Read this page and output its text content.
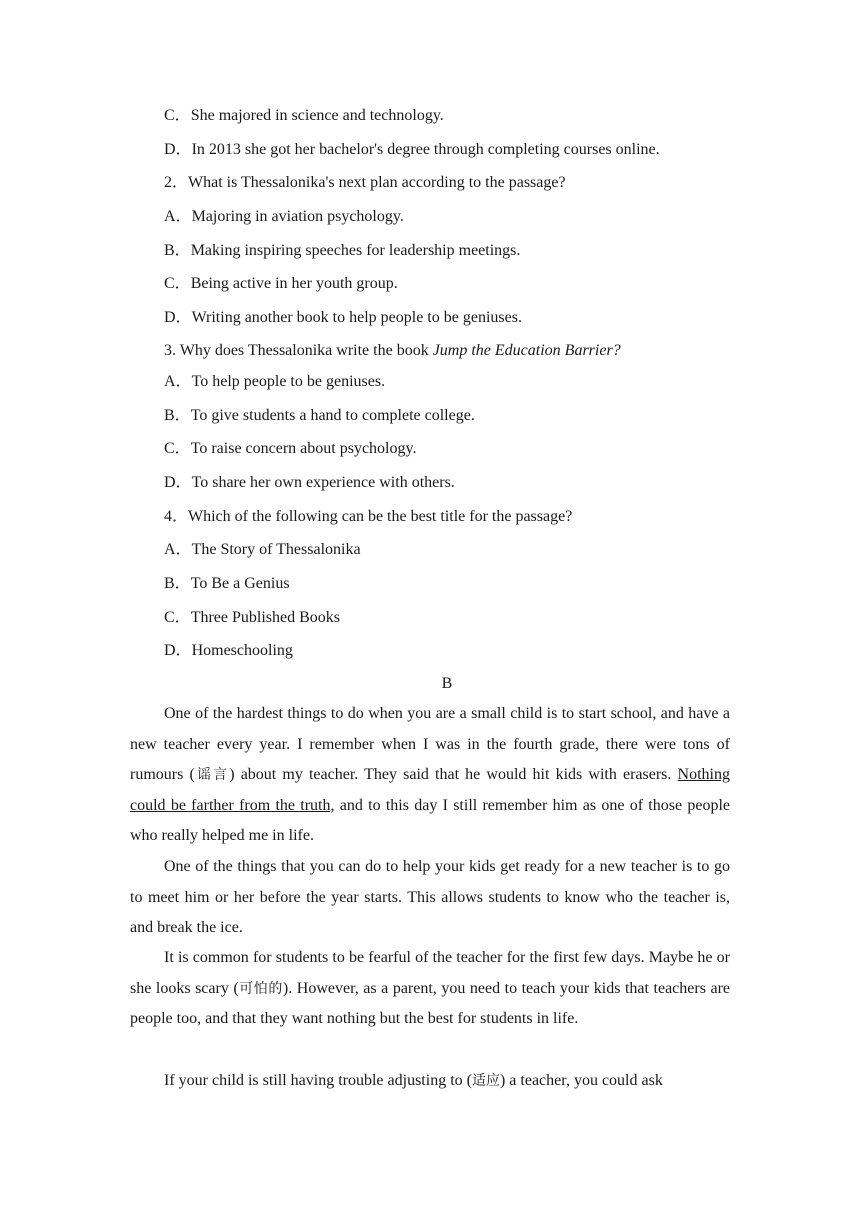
C．She majored in science and technology.
D．In 2013 she got her bachelor's degree through completing courses online.
2．What is Thessalonika's next plan according to the passage?
A．Majoring in aviation psychology.
B．Making inspiring speeches for leadership meetings.
C．Being active in her youth group.
D．Writing another book to help people to be geniuses.
3. Why does Thessalonika write the book Jump the Education Barrier?
A．To help people to be geniuses.
B．To give students a hand to complete college.
C．To raise concern about psychology.
D．To share her own experience with others.
4．Which of the following can be the best title for the passage?
A．The Story of Thessalonika
B．To Be a Genius
C．Three Published Books
D．Homeschooling
B
One of the hardest things to do when you are a small child is to start school, and have a new teacher every year. I remember when I was in the fourth grade, there were tons of rumours (谣言) about my teacher. They said that he would hit kids with erasers. Nothing could be farther from the truth, and to this day I still remember him as one of those people who really helped me in life.
One of the things that you can do to help your kids get ready for a new teacher is to go to meet him or her before the year starts. This allows students to know who the teacher is, and break the ice.
It is common for students to be fearful of the teacher for the first few days. Maybe he or she looks scary (可怕的). However, as a parent, you need to teach your kids that teachers are people too, and that they want nothing but the best for students in life.
If your child is still having trouble adjusting to (适应) a teacher, you could ask
